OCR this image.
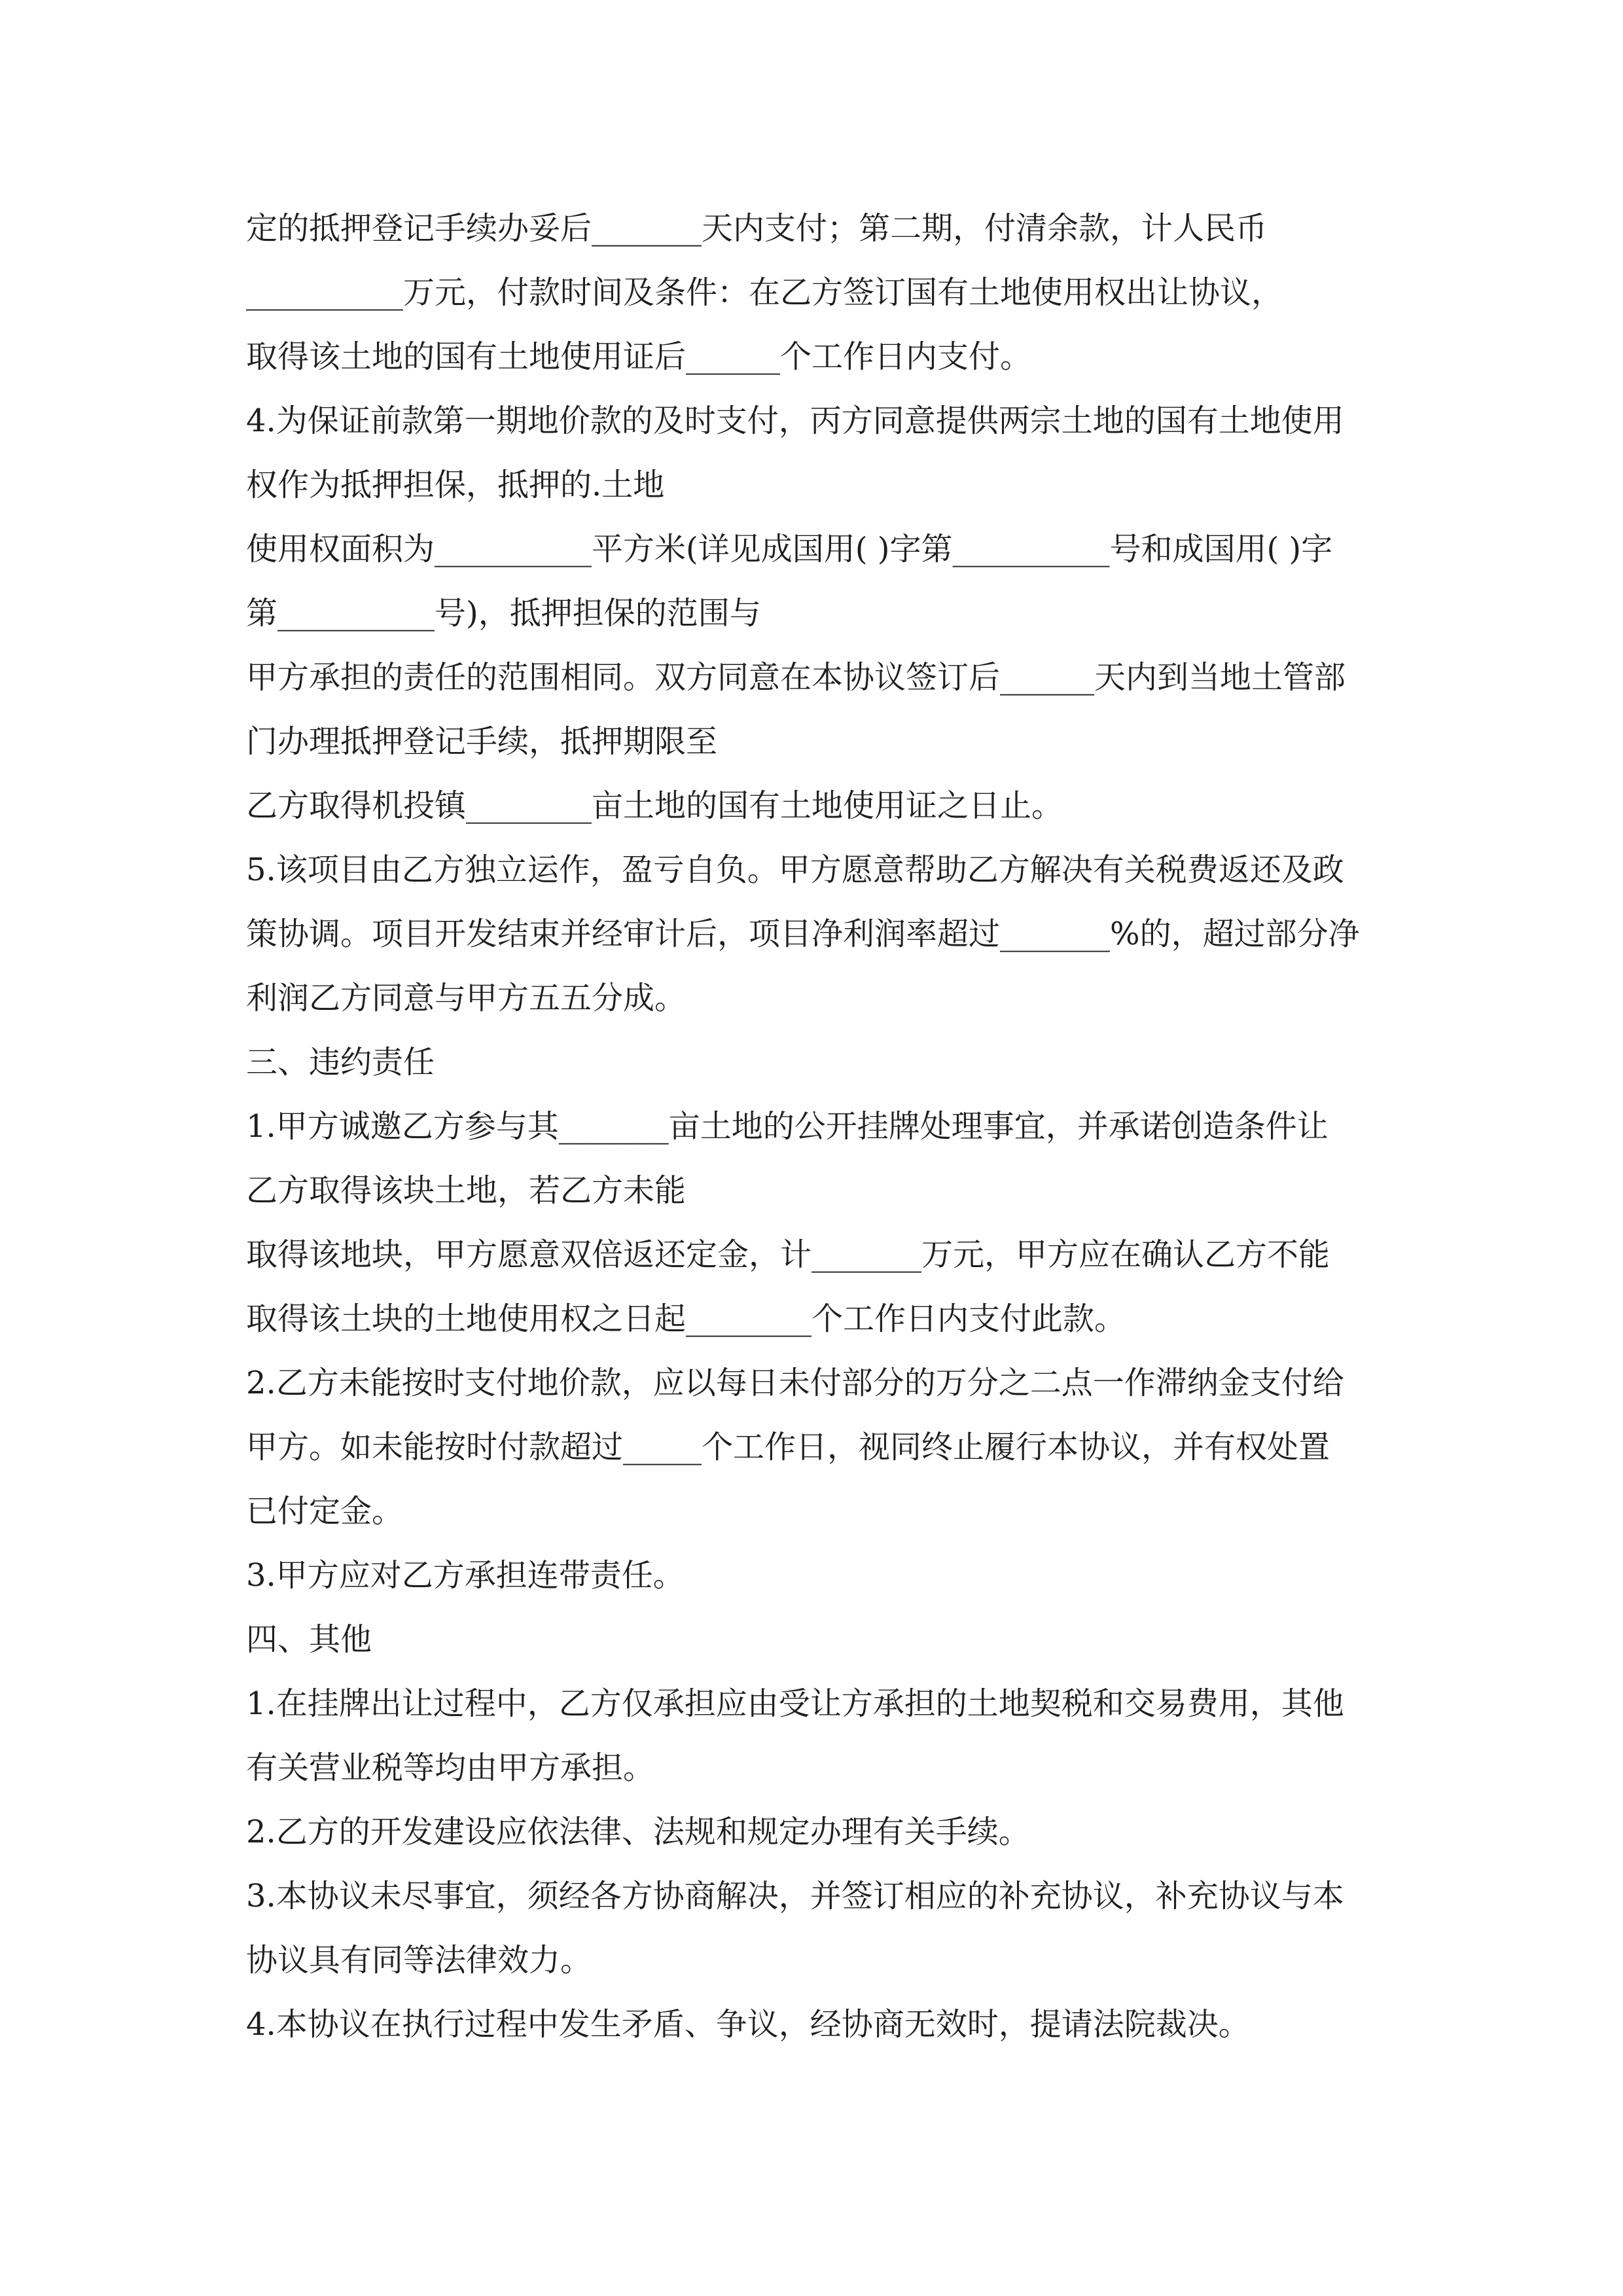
定的抵押登记手续办妥后_______天内支付；第二期，付清余款，计人民币
__________万元，付款时间及条件：在乙方签订国有土地使用权出让协议，
取得该土地的国有土地使用证后______个工作日内支付。
4.为保证前款第一期地价款的及时支付，丙方同意提供两宗土地的国有土地使用
权作为抵押担保，抵押的.土地
使用权面积为__________平方米(详见成国用( )字第__________号和成国用( )字
第__________号)，抵押担保的范围与
甲方承担的责任的范围相同。双方同意在本协议签订后______天内到当地土管部
门办理抵押登记手续，抵押期限至
乙方取得机投镇________亩土地的国有土地使用证之日止。
5.该项目由乙方独立运作，盈亏自负。甲方愿意帮助乙方解决有关税费返还及政
策协调。项目开发结束并经审计后，项目净利润率超过_______%的，超过部分净
利润乙方同意与甲方五五分成。
三、违约责任
1.甲方诚邀乙方参与其_______亩土地的公开挂牌处理事宜，并承诺创造条件让
乙方取得该块土地，若乙方未能
取得该地块，甲方愿意双倍返还定金，计_______万元，甲方应在确认乙方不能
取得该土块的土地使用权之日起________个工作日内支付此款。
2.乙方未能按时支付地价款，应以每日未付部分的万分之二点一作滞纳金支付给
甲方。如未能按时付款超过_____个工作日，视同终止履行本协议，并有权处置
已付定金。
3.甲方应对乙方承担连带责任。
四、其他
1.在挂牌出让过程中，乙方仅承担应由受让方承担的土地契税和交易费用，其他
有关营业税等均由甲方承担。
2.乙方的开发建设应依法律、法规和规定办理有关手续。
3.本协议未尽事宜，须经各方协商解决，并签订相应的补充协议，补充协议与本
协议具有同等法律效力。
4.本协议在执行过程中发生矛盾、争议，经协商无效时，提请法院裁决。
